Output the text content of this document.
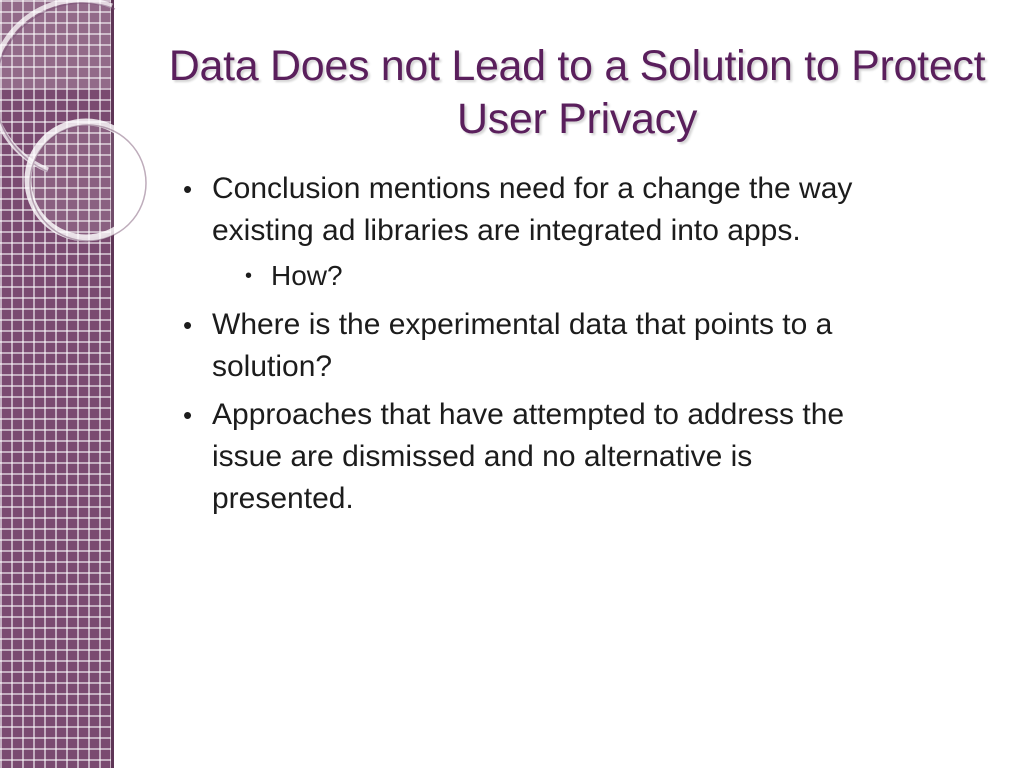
Data Does not Lead to a Solution to Protect
User Privacy
• Conclusion mentions need for a change the way
existing ad libraries are integrated into apps.
• How?
• Where is the experimental data that points to a
solution?
• Approaches that have attempted to address the
issue are dismissed and no alternative is
presented.
